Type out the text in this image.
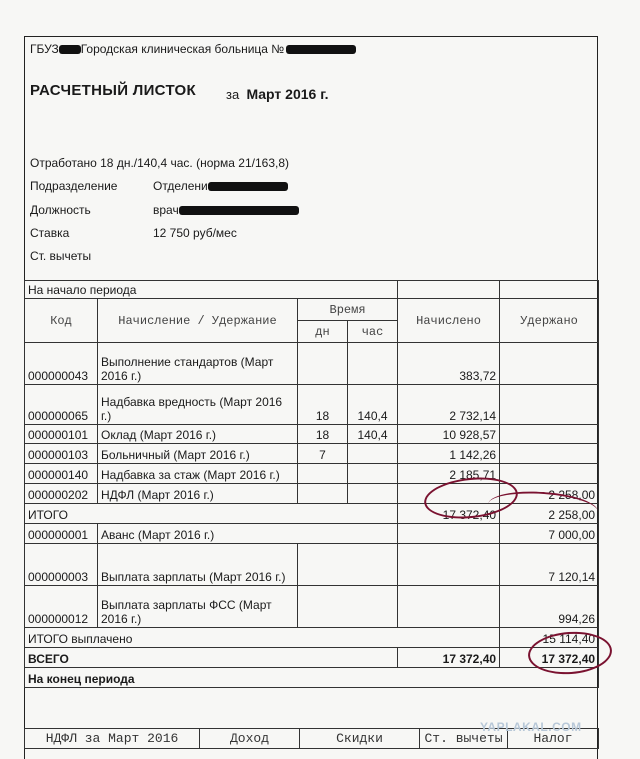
ГБУЗ Городская клиническая больница №
РАСЧЕТНЫЙ ЛИСТОК за Март 2016 г.
Отработано 18 дн./140,4 час. (норма 21/163,8)
Подразделение	Отделени
Должность	врач
Ставка	12 750 руб/мес
Ст. вычеты
На начало периода					
Код	Начисление / Удержание	Время		Начислено	Удержано
		дн	час		
000000043	Выполнение стандартов (Март 2016 г.)			383,72	
000000065	Надбавка вредность (Март 2016 г.)	18	140,4	2 732,14	
000000101	Оклад (Март 2016 г.)	18	140,4	10 928,57	
000000103	Больничный (Март 2016 г.)	7		1 142,26	
000000140	Надбавка за стаж (Март 2016 г.)			2 185,71	
000000202	НДФЛ (Март 2016 г.)				2 258,00
ИТОГО				17 372,40	2 258,00
000000001	Аванс (Март 2016 г.)				7 000,00
000000003	Выплата зарплаты (Март 2016 г.)				7 120,14
000000012	Выплата зарплаты ФСС (Март 2016 г.)				994,26
ИТОГО выплачено					15 114,40
ВСЕГО				17 372,40	17 372,40
На конец периода					
НДФЛ за Март 2016	Доход	Скидки	Ст. вычеты	Налог
YAPLAKAL.COM
